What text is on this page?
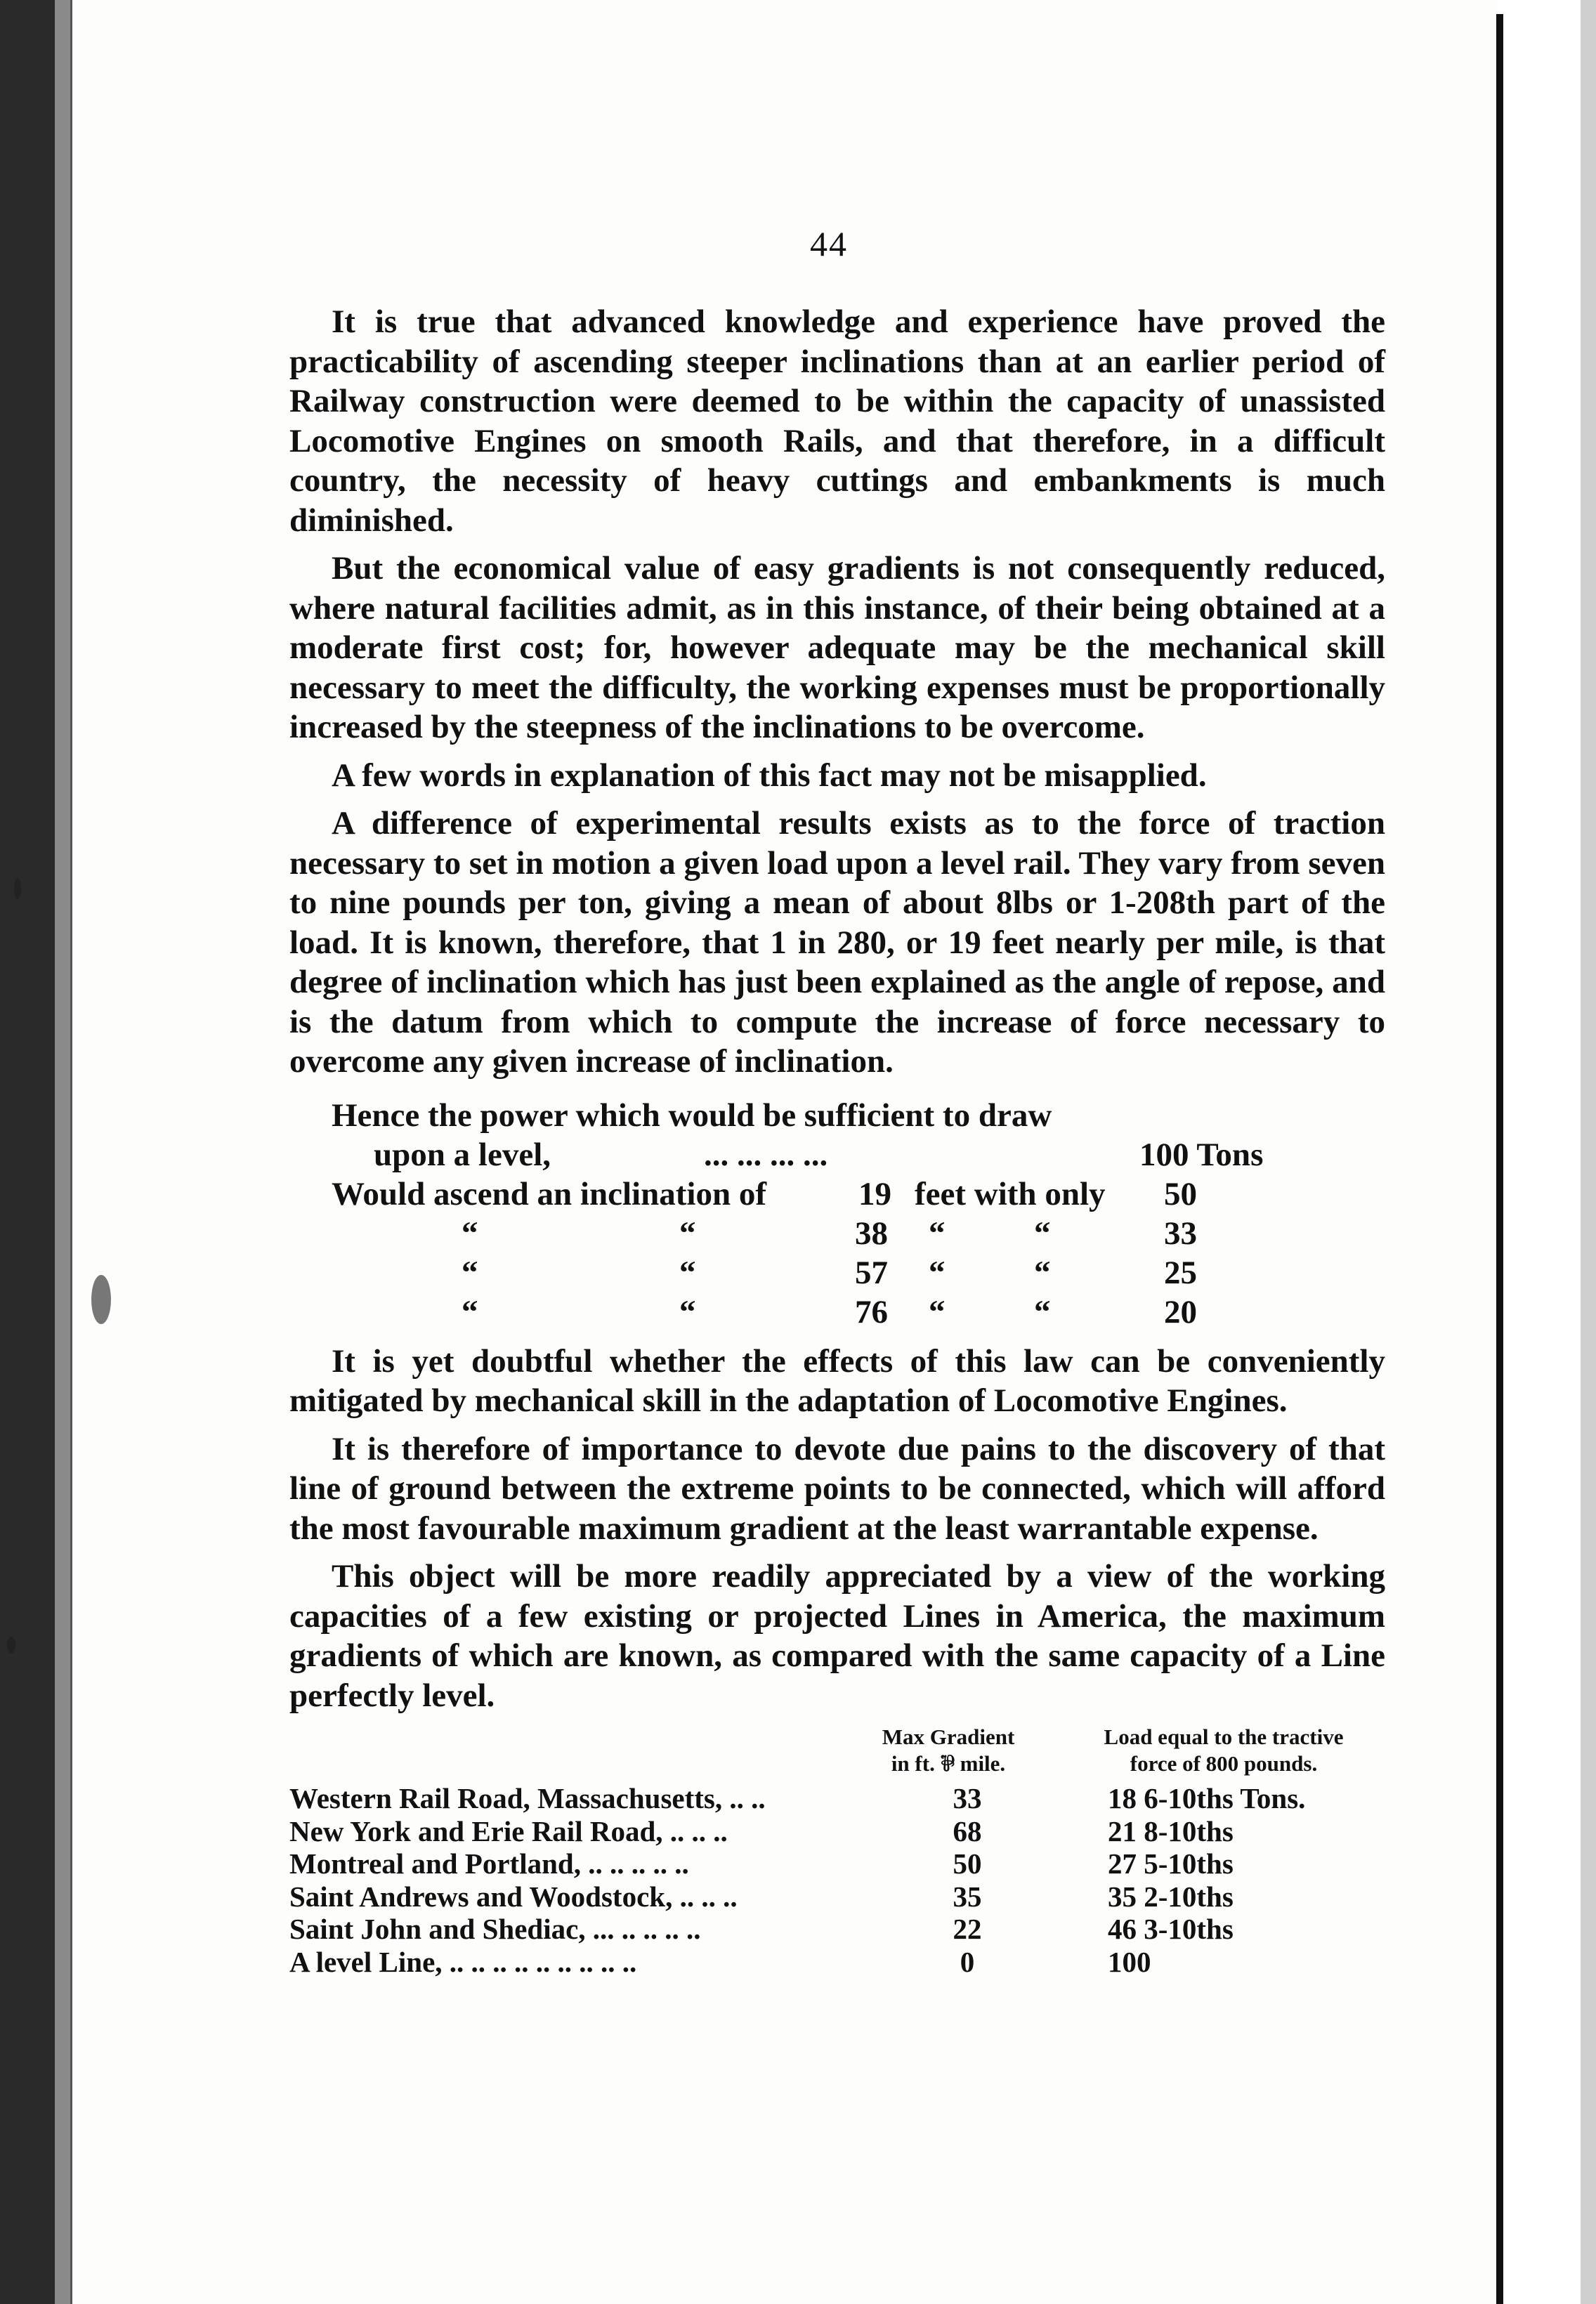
44

It is true that advanced knowledge and experience have proved the practicability of ascending steeper inclinations than at an earlier period of Railway construction were deemed to be within the capacity of unassisted Locomotive Engines on smooth Rails, and that therefore, in a difficult country, the necessity of heavy cuttings and embankments is much diminished.

But the economical value of easy gradients is not consequently reduced, where natural facilities admit, as in this instance, of their being obtained at a moderate first cost; for, however adequate may be the mechanical skill necessary to meet the difficulty, the working expenses must be proportionally increased by the steepness of the inclinations to be overcome.

A few words in explanation of this fact may not be misapplied.

A difference of experimental results exists as to the force of traction necessary to set in motion a given load upon a level rail. They vary from seven to nine pounds per ton, giving a mean of about 8lbs or 1-208th part of the load. It is known, therefore, that 1 in 280, or 19 feet nearly per mile, is that degree of inclination which has just been explained as the angle of repose, and is the datum from which to compute the increase of force necessary to overcome any given increase of inclination.

Hence the power which would be sufficient to draw
upon a level,	... ... ... ...	100 Tons
Would ascend an inclination of	19 feet with only 50
“	“	38 “	“	33
“	“	57 “	“	25
“	“	76 “	“	20

It is yet doubtful whether the effects of this law can be conveniently mitigated by mechanical skill in the adaptation of Locomotive Engines.

It is therefore of importance to devote due pains to the discovery of that line of ground between the extreme points to be connected, which will afford the most favourable maximum gradient at the least warrantable expense.

This object will be more readily appreciated by a view of the working capacities of a few existing or projected Lines in America, the maximum gradients of which are known, as compared with the same capacity of a Line perfectly level.

Max Gradient
in ft. ⅌ mile.
Load equal to the tractive
force of 800 pounds.
Western Rail Road, Massachusetts, .. ..	33	18 6-10ths Tons.
New York and Erie Rail Road, .. .. ..	68	21 8-10ths
Montreal and Portland, .. .. .. .. ..	50	27 5-10ths
Saint Andrews and Woodstock, .. .. ..	35	35 2-10ths
Saint John and Shediac, ... .. .. .. ..	22	46 3-10ths
A level Line, .. .. .. .. .. .. .. .. ..	0	100
